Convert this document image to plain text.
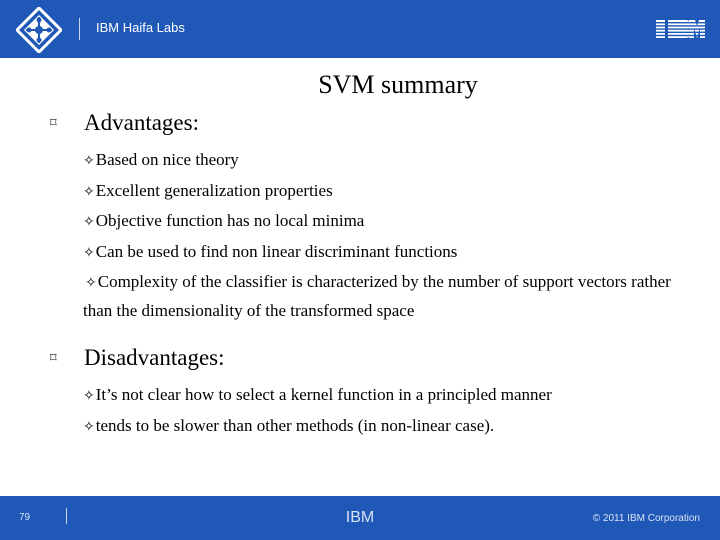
IBM Haifa Labs
SVM summary
⌑ Advantages:
✧Based on nice theory
✧Excellent generalization properties
✧Objective function has no local minima
✧Can be used to find non linear discriminant functions
✧Complexity of the classifier is characterized by the number of support vectors rather than the dimensionality of the transformed space
⌑ Disadvantages:
✧It’s not clear how to select a kernel function in a principled manner
✧tends to be slower than other methods (in non-linear case).
79	IBM	© 2011 IBM Corporation
